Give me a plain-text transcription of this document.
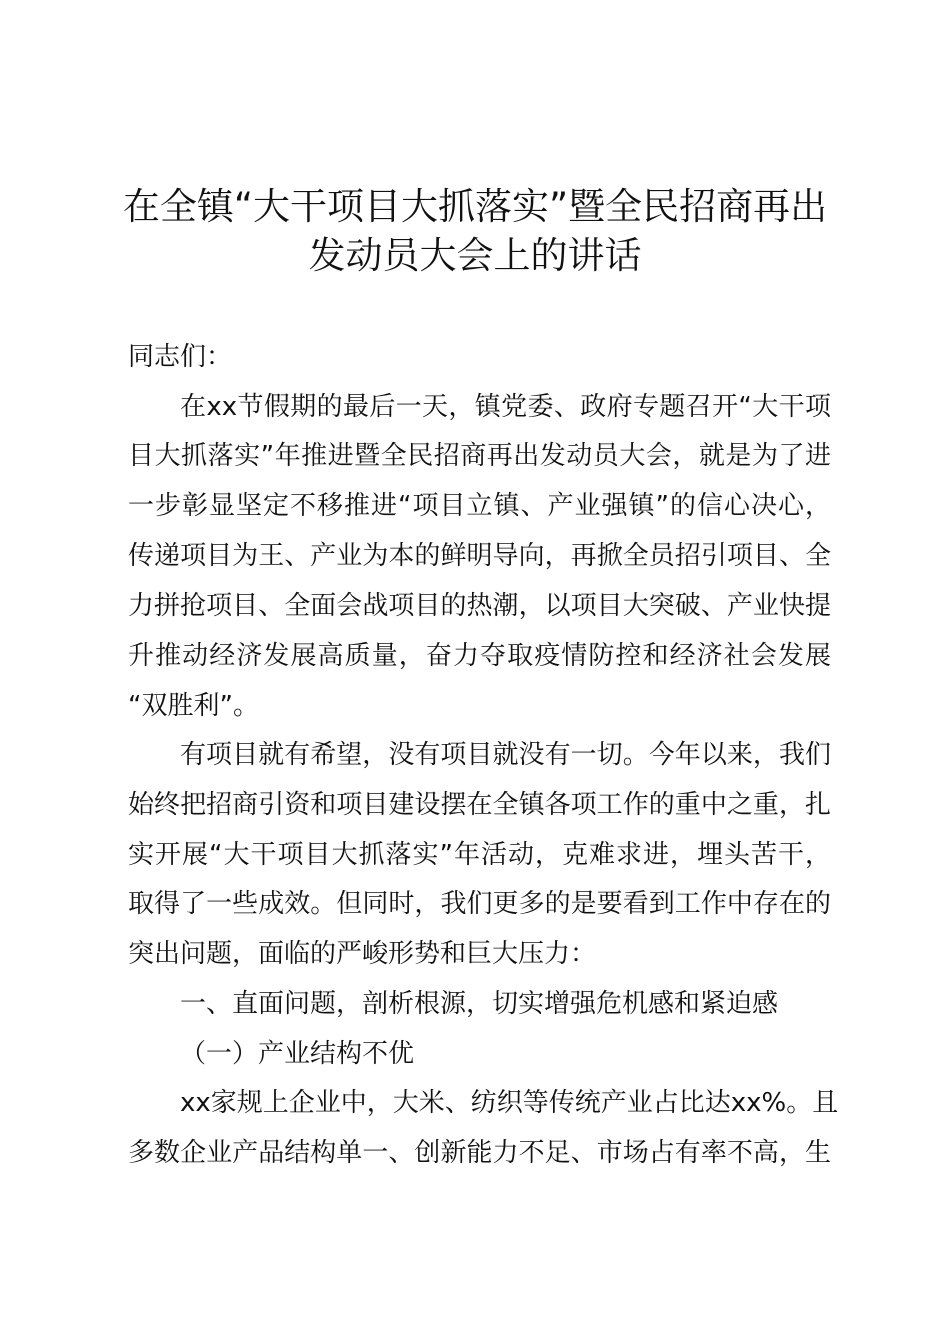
在全镇“大干项目大抓落实”暨全民招商再出
发动员大会上的讲话
同志们：
在xx节假期的最后一天，镇党委、政府专题召开“大干项
目大抓落实”年推进暨全民招商再出发动员大会，就是为了进
一步彰显坚定不移推进“项目立镇、产业强镇”的信心决心，
传递项目为王、产业为本的鲜明导向，再掀全员招引项目、全
力拼抢项目、全面会战项目的热潮，以项目大突破、产业快提
升推动经济发展高质量，奋力夺取疫情防控和经济社会发展
“双胜利”。
有项目就有希望，没有项目就没有一切。今年以来，我们
始终把招商引资和项目建设摆在全镇各项工作的重中之重，扎
实开展“大干项目大抓落实”年活动，克难求进，埋头苦干，
取得了一些成效。但同时，我们更多的是要看到工作中存在的
突出问题，面临的严峻形势和巨大压力：
一、直面问题，剖析根源，切实增强危机感和紧迫感
（一）产业结构不优
xx家规上企业中，大米、纺织等传统产业占比达xx%。且
多数企业产品结构单一、创新能力不足、市场占有率不高，生
